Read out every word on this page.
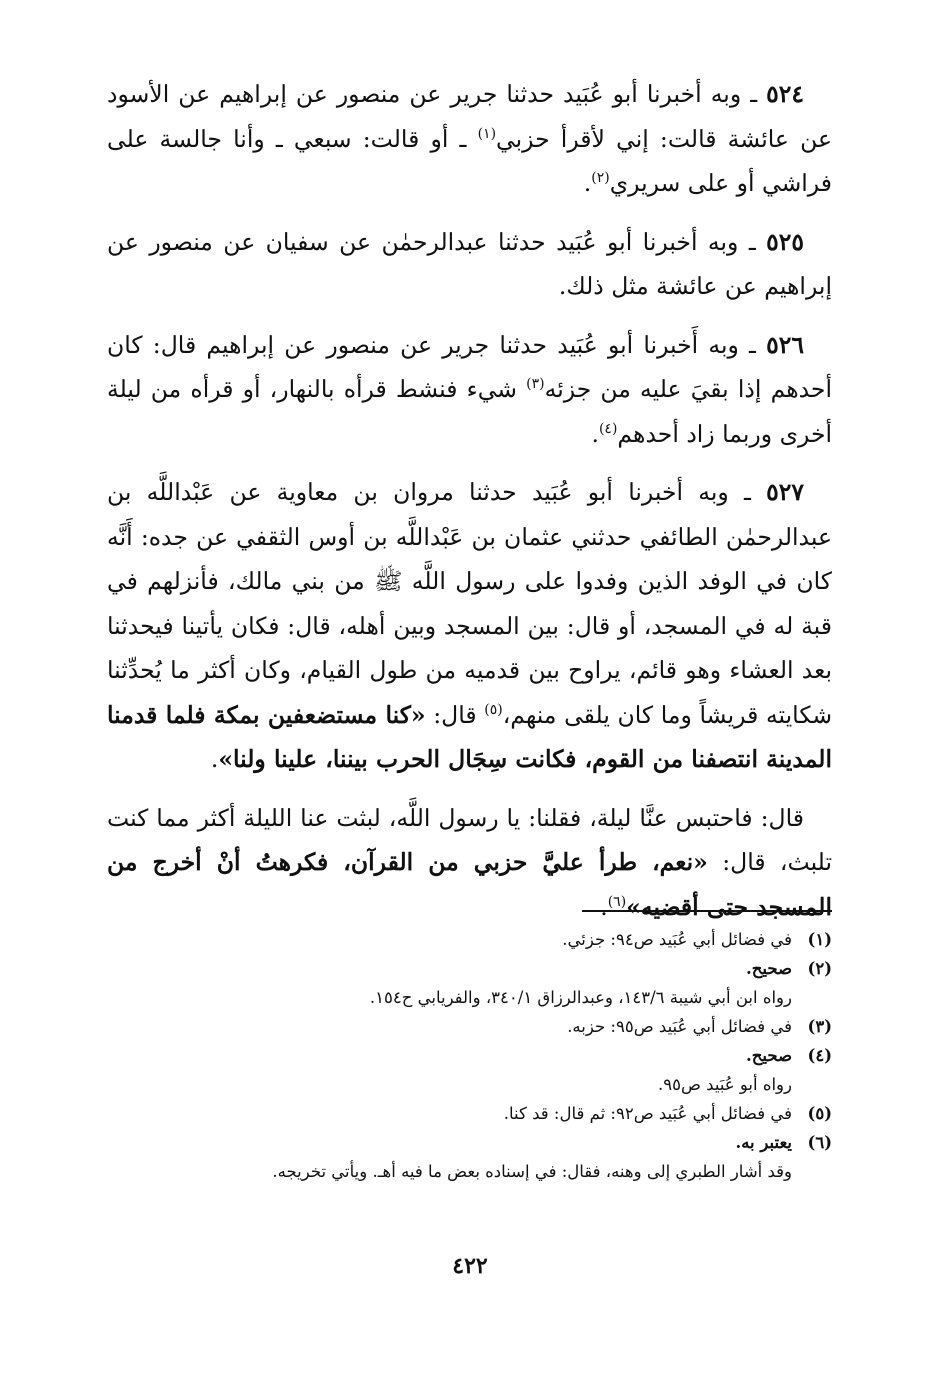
٥٢٤ ـ وبه أخبرنا أبو عُبَيد حدثنا جرير عن منصور عن إبراهيم عن الأسود عن عائشة قالت: إني لأقرأ حزبي$^{(١)}$ ـ أو قالت: سبعي ـ وأنا جالسة على فراشي أو على سريري$^{(٢)}$.

٥٢٥ ـ وبه أخبرنا أبو عُبَيد حدثنا عبدالرحمٰن عن سفيان عن منصور عن إبراهيم عن عائشة مثل ذلك.

٥٢٦ ـ وبه أَخبرنا أبو عُبَيد حدثنا جرير عن منصور عن إبراهيم قال: كان أحدهم إذا بقيَ عليه من جزئه$^{(٣)}$ شيء فنشط قرأه بالنهار، أو قرأه من ليلة أخرى وربما زاد أحدهم$^{(٤)}$.

٥٢٧ ـ وبه أخبرنا أبو عُبَيد حدثنا مروان بن معاوية عن عَبْداللَّه بن عبدالرحمٰن الطائفي حدثني عثمان بن عَبْداللَّه بن أوس الثقفي عن جده: أَنَّه كان في الوفد الذين وفدوا على رسول اللَّه ﷺ من بني مالك، فأنزلهم في قبة له في المسجد، أو قال: بين المسجد وبين أهله، قال: فكان يأتينا فيحدثنا بعد العشاء وهو قائم، يراوح بين قدميه من طول القيام، وكان أكثر ما يُحدِّثنا شكايته قريشاً وما كان يلقى منهم،$^{(٥)}$ قال: «كنا مستضعفين بمكة فلما قدمنا المدينة انتصفنا من القوم، فكانت سِجَال الحرب بيننا، علينا ولنا».

قال: فاحتبس عنَّا ليلة، فقلنا: يا رسول اللَّه، لبثت عنا الليلة أكثر مما كنت تلبث، قال: «نعم، طرأ عليَّ حزبي من القرآن، فكرهتُ أنْ أخرج من المسجد حتى أقضيه»$^{(٦)}$.

(١)
في فضائل أبي عُبَيد ص٩٤: جزئي.
(٢)
صحيح.
رواه ابن أبي شيبة ١٤٣/٦، وعبدالرزاق ٣٤٠/١، والفريابي ح١٥٤.
(٣)
في فضائل أبي عُبَيد ص٩٥: حزبه.
(٤)
صحيح.
رواه أبو عُبَيد ص٩٥.
(٥)
في فضائل أبي عُبَيد ص٩٢: ثم قال: قد كنا.
(٦)
يعتبر به.
وقد أشار الطبري إلى وهنه، فقال: في إسناده بعض ما فيه أهـ. ويأتي تخريجه.
٤٢٢
